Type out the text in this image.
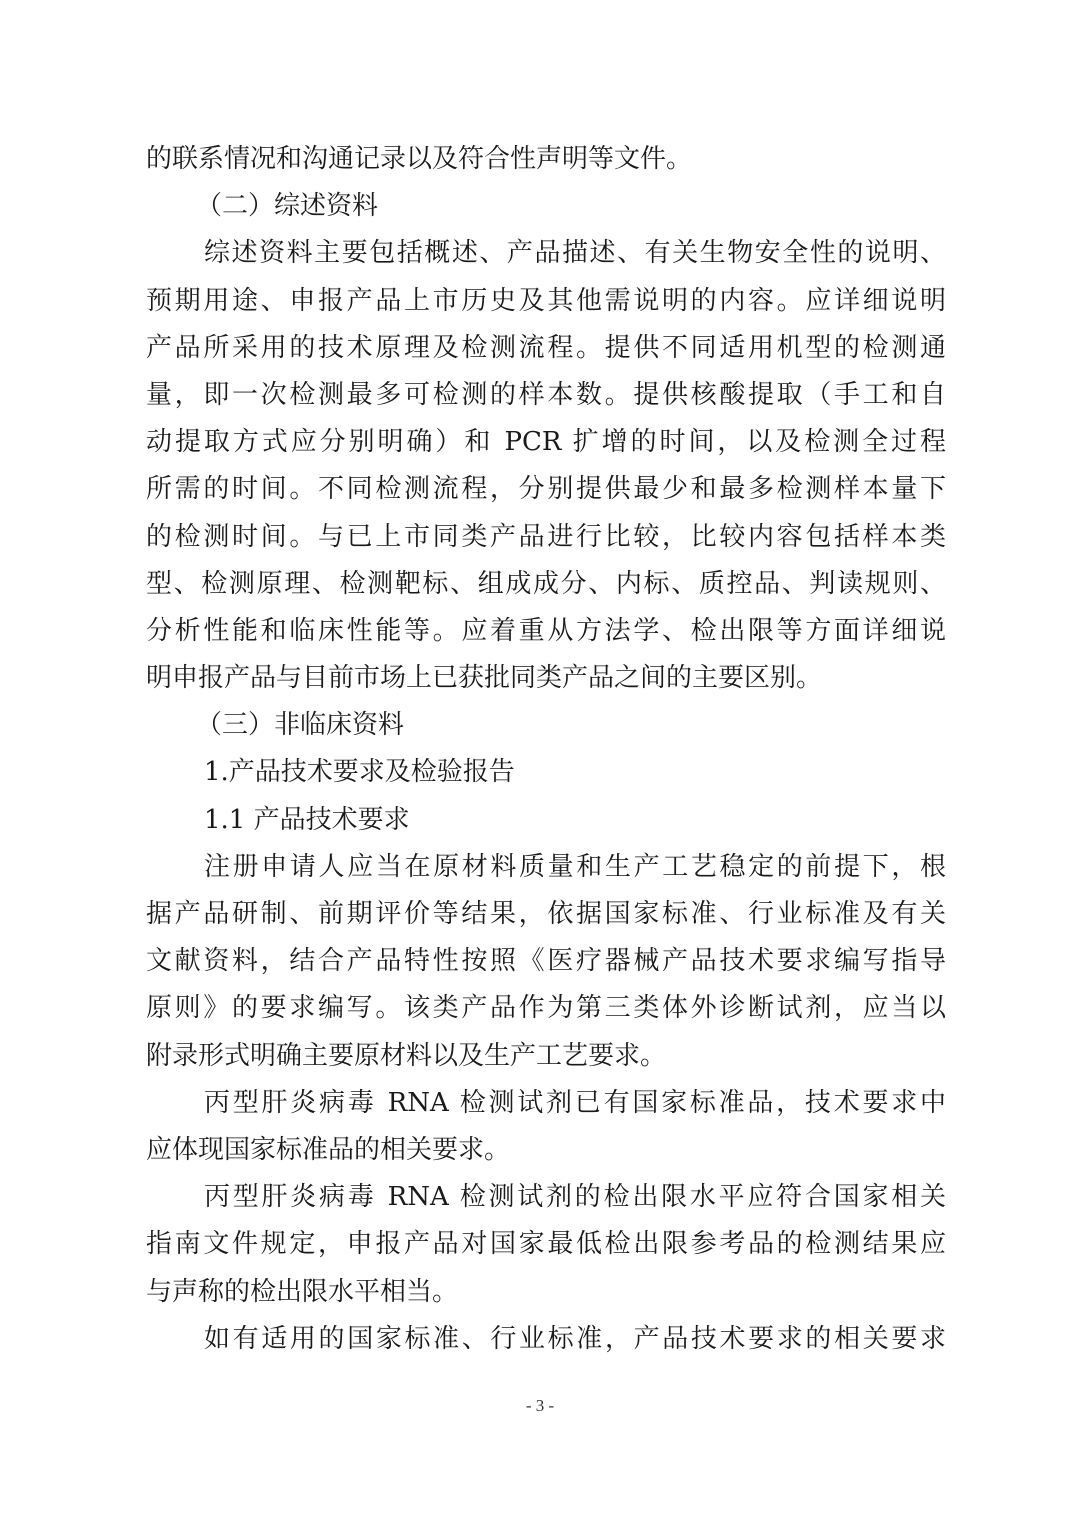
的联系情况和沟通记录以及符合性声明等文件。
（二）综述资料
综述资料主要包括概述、产品描述、有关生物安全性的说明、
预期用途、申报产品上市历史及其他需说明的内容。应详细说明
产品所采用的技术原理及检测流程。提供不同适用机型的检测通
量，即一次检测最多可检测的样本数。提供核酸提取（手工和自
动提取方式应分别明确）和 PCR 扩增的时间，以及检测全过程
所需的时间。不同检测流程，分别提供最少和最多检测样本量下
的检测时间。与已上市同类产品进行比较，比较内容包括样本类
型、检测原理、检测靶标、组成成分、内标、质控品、判读规则、
分析性能和临床性能等。应着重从方法学、检出限等方面详细说
明申报产品与目前市场上已获批同类产品之间的主要区别。
（三）非临床资料
1.产品技术要求及检验报告
1.1 产品技术要求
注册申请人应当在原材料质量和生产工艺稳定的前提下，根
据产品研制、前期评价等结果，依据国家标准、行业标准及有关
文献资料，结合产品特性按照《医疗器械产品技术要求编写指导
原则》的要求编写。该类产品作为第三类体外诊断试剂，应当以
附录形式明确主要原材料以及生产工艺要求。
丙型肝炎病毒 RNA 检测试剂已有国家标准品，技术要求中
应体现国家标准品的相关要求。
丙型肝炎病毒 RNA 检测试剂的检出限水平应符合国家相关
指南文件规定，申报产品对国家最低检出限参考品的检测结果应
与声称的检出限水平相当。
如有适用的国家标准、行业标准，产品技术要求的相关要求
- 3 -
